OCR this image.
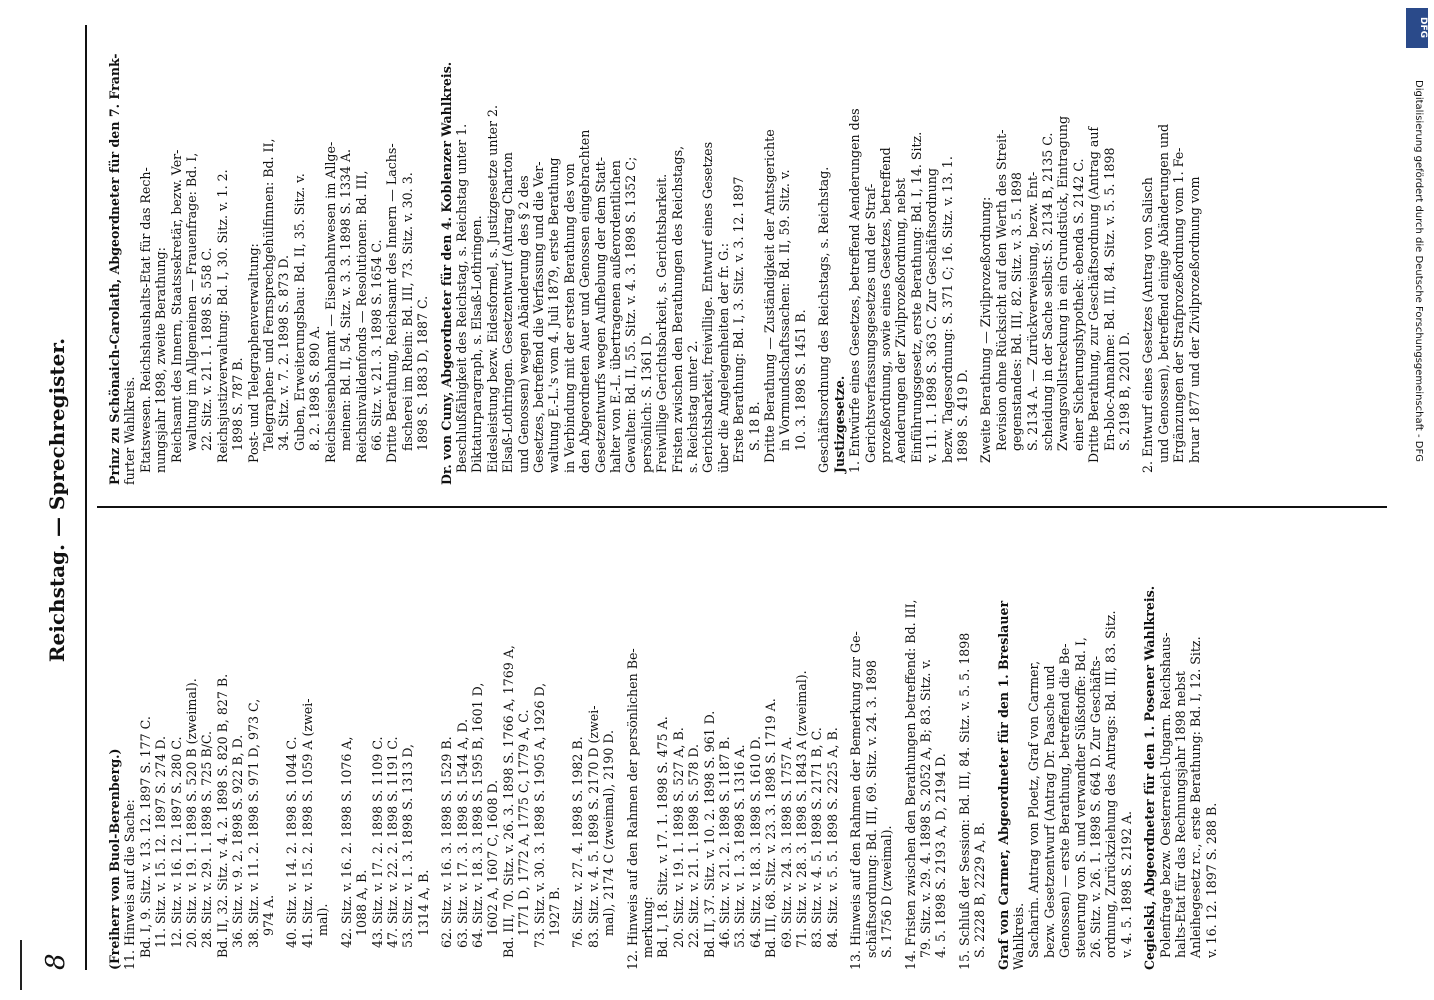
8
Reichstag. — Sprechregister.

(Freiherr von Buol-Berenberg.) 11. Hinweis auf die Sache: Bd. I, 9. Sitz. v. 13. 12. 1897 S. 177 C. 11. Sitz. v. 15. 12. 1897 S. 274 D. 12. Sitz. v. 16. 12. 1897 S. 280 C. 20. Sitz. v. 19. 1. 1898 S. 520 B (zweimal). 28. Sitz. v. 29. 1. 1898 S. 725 B/C. Bd. II, 32. Sitz. v. 4. 2. 1898 S. 820 B, 827 B. 36. Sitz. v. 9. 2. 1898 S. 922 B, D. 38. Sitz. v. 11. 2. 1898 S. 971 D, 973 C, 974 A. 40. Sitz. v. 14. 2. 1898 S. 1044 C. 41. Sitz. v. 15. 2. 1898 S. 1059 A (zwei- mal). 42. Sitz. v. 16. 2. 1898 S. 1076 A, 1088 A, B. 43. Sitz. v. 17. 2. 1898 S. 1109 C. 47. Sitz. v. 22. 2. 1898 S. 1191 C. 53. Sitz. v. 1. 3. 1898 S. 1313 D, 1314 A, B. 62. Sitz. v. 16. 3. 1898 S. 1529 B. 63. Sitz. v. 17. 3. 1898 S. 1544 A, D. 64. Sitz. v. 18. 3. 1898 S. 1595 B, 1601 D, 1602 A, 1607 C, 1608 D. Bd. III, 70. Sitz. v. 26. 3. 1898 S. 1766 A, 1769 A, 1771 D, 1772 A, 1775 C, 1779 A, C. 73. Sitz. v. 30. 3. 1898 S. 1905 A, 1926 D, 1927 B. 76. Sitz. v. 27. 4. 1898 S. 1982 B. 83. Sitz. v. 4. 5. 1898 S. 2170 D (zwei- mal), 2174 C (zweimal), 2190 D. 12. Hinweis auf den Rahmen der persönlichen Be- merkung: Bd. I, 18. Sitz. v. 17. 1. 1898 S. 475 A. 20. Sitz. v. 19. 1. 1898 S. 527 A, B. 22. Sitz. v. 21. 1. 1898 S. 578 D. Bd. II, 37. Sitz. v. 10. 2. 1898 S. 961 D. 46. Sitz. v. 21. 2. 1898 S. 1187 B. 53. Sitz. v. 1. 3. 1898 S. 1316 A. 64. Sitz. v. 18. 3. 1898 S. 1610 D. Bd. III, 68. Sitz. v. 23. 3. 1898 S. 1719 A. 69. Sitz. v. 24. 3. 1898 S. 1757 A. 71. Sitz. v. 28. 3. 1898 S. 1843 A (zweimal). 83. Sitz. v. 4. 5. 1898 S. 2171 B, C. 84. Sitz. v. 5. 5. 1898 S. 2225 A, B. 13. Hinweis auf den Rahmen der Bemerkung zur Ge- schäftsordnung: Bd. III, 69. Sitz. v. 24. 3. 1898 S. 1756 D (zweimal). 14. Fristen zwischen den Berathungen betreffend: Bd. III, 79. Sitz. v. 29. 4. 1898 S. 2052 A, B; 83. Sitz. v. 4. 5. 1898 S. 2193 A, D, 2194 D. 15. Schluß der Session: Bd. III, 84. Sitz. v. 5. 5. 1898 S. 2228 B, 2229 A, B. Graf von Carmer, Abgeordneter für den 1. Breslauer Wahlkreis. Sacharin. Antrag von Ploetz, Graf von Carmer, bezw. Gesetzentwurf (Antrag Dr. Paasche und Genossen) — erste Berathung, betreffend die Be- steuerung von S. und verwandter Süßstoffe: Bd. I, 26. Sitz. v. 26. 1. 1898 S. 664 D. Zur Geschäfts- ordnung, Zurückziehung des Antrags: Bd. III, 83. Sitz. v. 4. 5. 1898 S. 2192 A. Cegielski, Abgeordneter für den 1. Posener Wahlkreis. Polenfrage bezw. Oesterreich-Ungarn. Reichshaus- halts-Etat für das Rechnungsjahr 1898 nebst Anleihegesetz rc., erste Berathung: Bd. I, 12. Sitz. v. 16. 12. 1897 S. 288 B.

Prinz zu Schönaich-Carolath, Abgeordneter für den 7. Frank- furter Wahlkreis. Etatswesen. Reichshaushalts-Etat für das Rech- nungsjahr 1898, zweite Berathung: Reichsamt des Innern, Staatssekretär, bezw. Ver- waltung im Allgemeinen — Frauenfrage: Bd. I, 22. Sitz. v. 21. 1. 1898 S. 558 C. Reichsjustizverwaltung: Bd. I, 30. Sitz. v. 1. 2. 1898 S. 787 B. Post- und Telegraphenverwaltung: Telegraphen- und Fernsprechgehülfinnen: Bd. II, 34. Sitz. v. 7. 2. 1898 S. 873 D. Guben, Erweiterungsbau: Bd. II, 35. Sitz. v. 8. 2. 1898 S. 890 A. Reichseisenbahnamt — Eisenbahnwesen im Allge- meinen: Bd. II, 54. Sitz. v. 3. 3. 1898 S. 1334 A. Reichsinvalidenfonds — Resolutionen: Bd. III, 66. Sitz. v. 21. 3. 1898 S. 1654 C. Dritte Berathung, Reichsamt des Innern — Lachs- fischerei im Rhein: Bd. III, 73. Sitz. v. 30. 3. 1898 S. 1883 D, 1887 C. Dr. von Cuny, Abgeordneter für den 4. Koblenzer Wahlkreis. Beschlußfähigkeit des Reichstag, s. Reichstag unter 1. Diktaturparagraph, s. Elsaß-Lothringen. Eidesleistung bezw. Eidesformel, s. Justizgesetze unter 2. Elsaß-Lothringen. Gesetzentwurf (Antrag Charton und Genossen) wegen Abänderung des § 2 des Gesetzes, betreffend die Verfassung und die Ver- waltung E.-L.'s vom 4. Juli 1879, erste Berathung in Verbindung mit der ersten Berathung des von den Abgeordneten Auer und Genossen eingebrachten Gesetzentwurfs wegen Aufhebung der dem Statt- halter von E.-L. übertragenen außerordentlichen Gewalten: Bd. II, 55. Sitz. v. 4. 3. 1898 S. 1352 C; persönlich: S. 1361 D. Freiwillige Gerichtsbarkeit, s. Gerichtsbarkeit. Fristen zwischen den Berathungen des Reichstags, s. Reichstag unter 2. Gerichtsbarkeit, freiwillige. Entwurf eines Gesetzes über die Angelegenheiten der fr. G.: Erste Berathung: Bd. I, 3. Sitz. v. 3. 12. 1897 S. 18 B. Dritte Berathung — Zuständigkeit der Amtsgerichte in Vormundschaftssachen: Bd. II, 59. Sitz. v. 10. 3. 1898 S. 1451 B. Geschäftsordnung des Reichstags, s. Reichstag. Justizgesetze. 1. Entwürfe eines Gesetzes, betreffend Aenderungen des Gerichtsverfassungsgesetzes und der Straf- prozeßordnung, sowie eines Gesetzes, betreffend Aenderungen der Zivilprozeßordnung, nebst Einführungsgesetz, erste Berathung: Bd. I, 14. Sitz. v. 11. 1. 1898 S. 363 C. Zur Geschäftsordnung bezw. Tagesordnung: S. 371 C; 16. Sitz. v. 13. 1. 1898 S. 419 D. Zweite Berathung — Zivilprozeßordnung: Revision ohne Rücksicht auf den Werth des Streit- gegenstandes: Bd. III, 82. Sitz. v. 3. 5. 1898 S. 2134 A. — Zurückverweisung, bezw. Ent- scheidung in der Sache selbst: S. 2134 B, 2135 C. Zwangsvollstreckung in ein Grundstück, Eintragung einer Sicherungshypothek: ebenda S. 2142 C. Dritte Berathung, zur Geschäftsordnung (Antrag auf En-bloc-Annahme: Bd. III, 84. Sitz. v. 5. 5. 1898 S. 2198 B, 2201 D. 2. Entwurf eines Gesetzes (Antrag von Salisch und Genossen), betreffend einige Abänderungen und Ergänzungen der Strafprozeßordnung vom 1. Fe- bruar 1877 und der Zivilprozeßordnung vom

DFG
Digitalisierung gefördert durch die Deutsche Forschungsgemeinschaft - DFG
